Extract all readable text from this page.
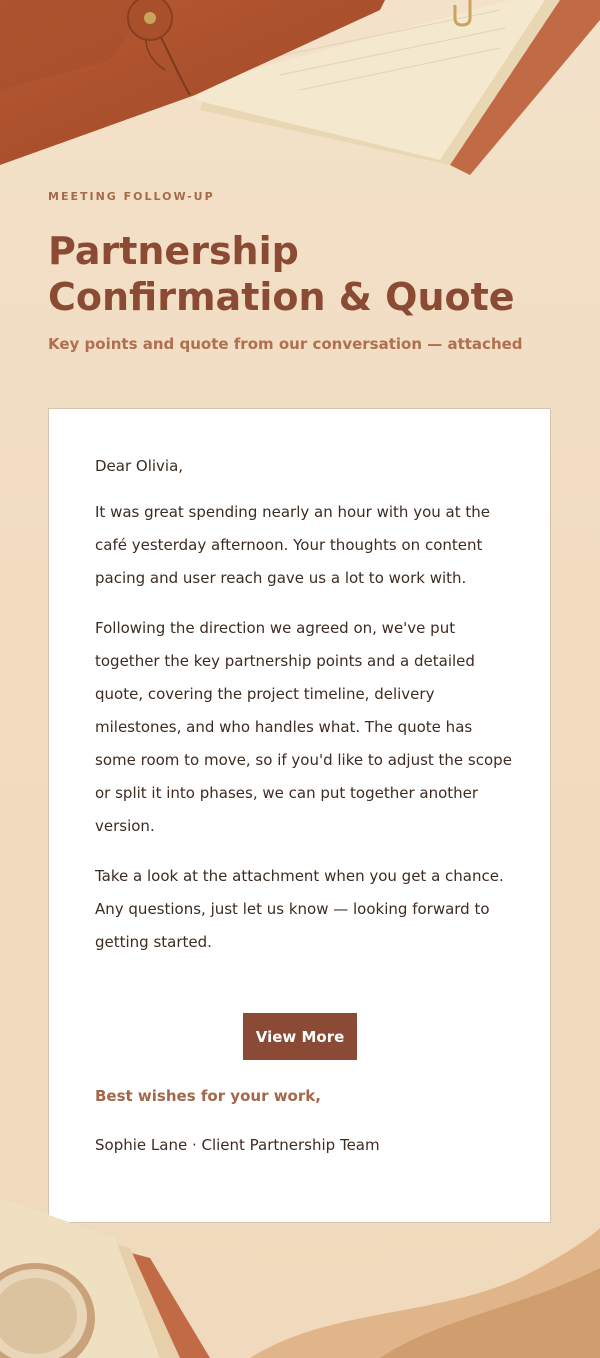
MEETING FOLLOW-UP
Partnership Confirmation & Quote
Key points and quote from our conversation — attached

Dear Olivia,

It was great spending nearly an hour with you at the café yesterday afternoon. Your thoughts on content pacing and user reach gave us a lot to work with.

Following the direction we agreed on, we've put together the key partnership points and a detailed quote, covering the project timeline, delivery milestones, and who handles what. The quote has some room to move, so if you'd like to adjust the scope or split it into phases, we can put together another version.

Take a look at the attachment when you get a chance. Any questions, just let us know — looking forward to getting started.

View More
Best wishes for your work,
Sophie Lane · Client Partnership Team
